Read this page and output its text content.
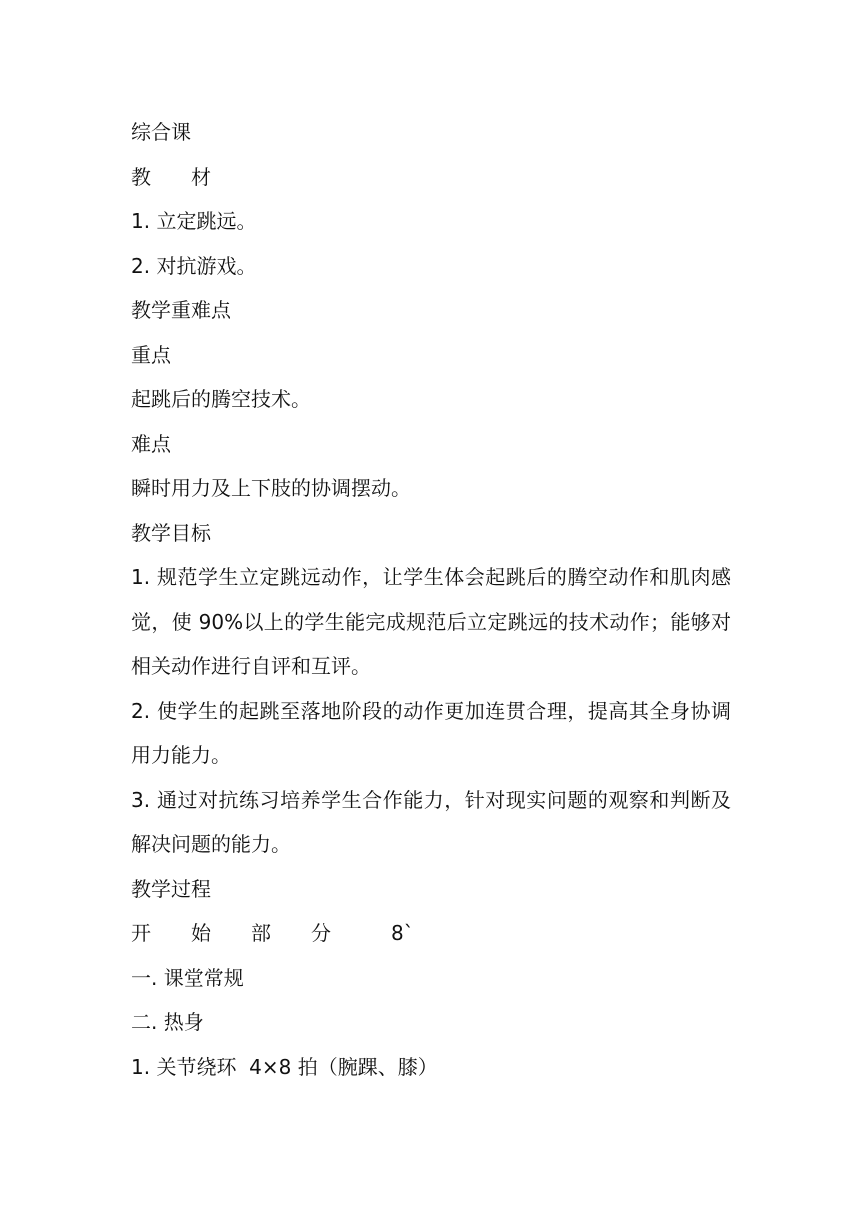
综合课
教　　材
1. 立定跳远。
2. 对抗游戏。
教学重难点
重点
起跳后的腾空技术。
难点
瞬时用力及上下肢的协调摆动。
教学目标
1. 规范学生立定跳远动作，让学生体会起跳后的腾空动作和肌肉感觉，使 90%以上的学生能完成规范后立定跳远的技术动作；能够对相关动作进行自评和互评。
2. 使学生的起跳至落地阶段的动作更加连贯合理，提高其全身协调用力能力。
3. 通过对抗练习培养学生合作能力，针对现实问题的观察和判断及解决问题的能力。
教学过程
开　　始　　部　　分　　　8`
一. 课堂常规
二. 热身
1. 关节绕环  4×8 拍（腕踝、膝）
